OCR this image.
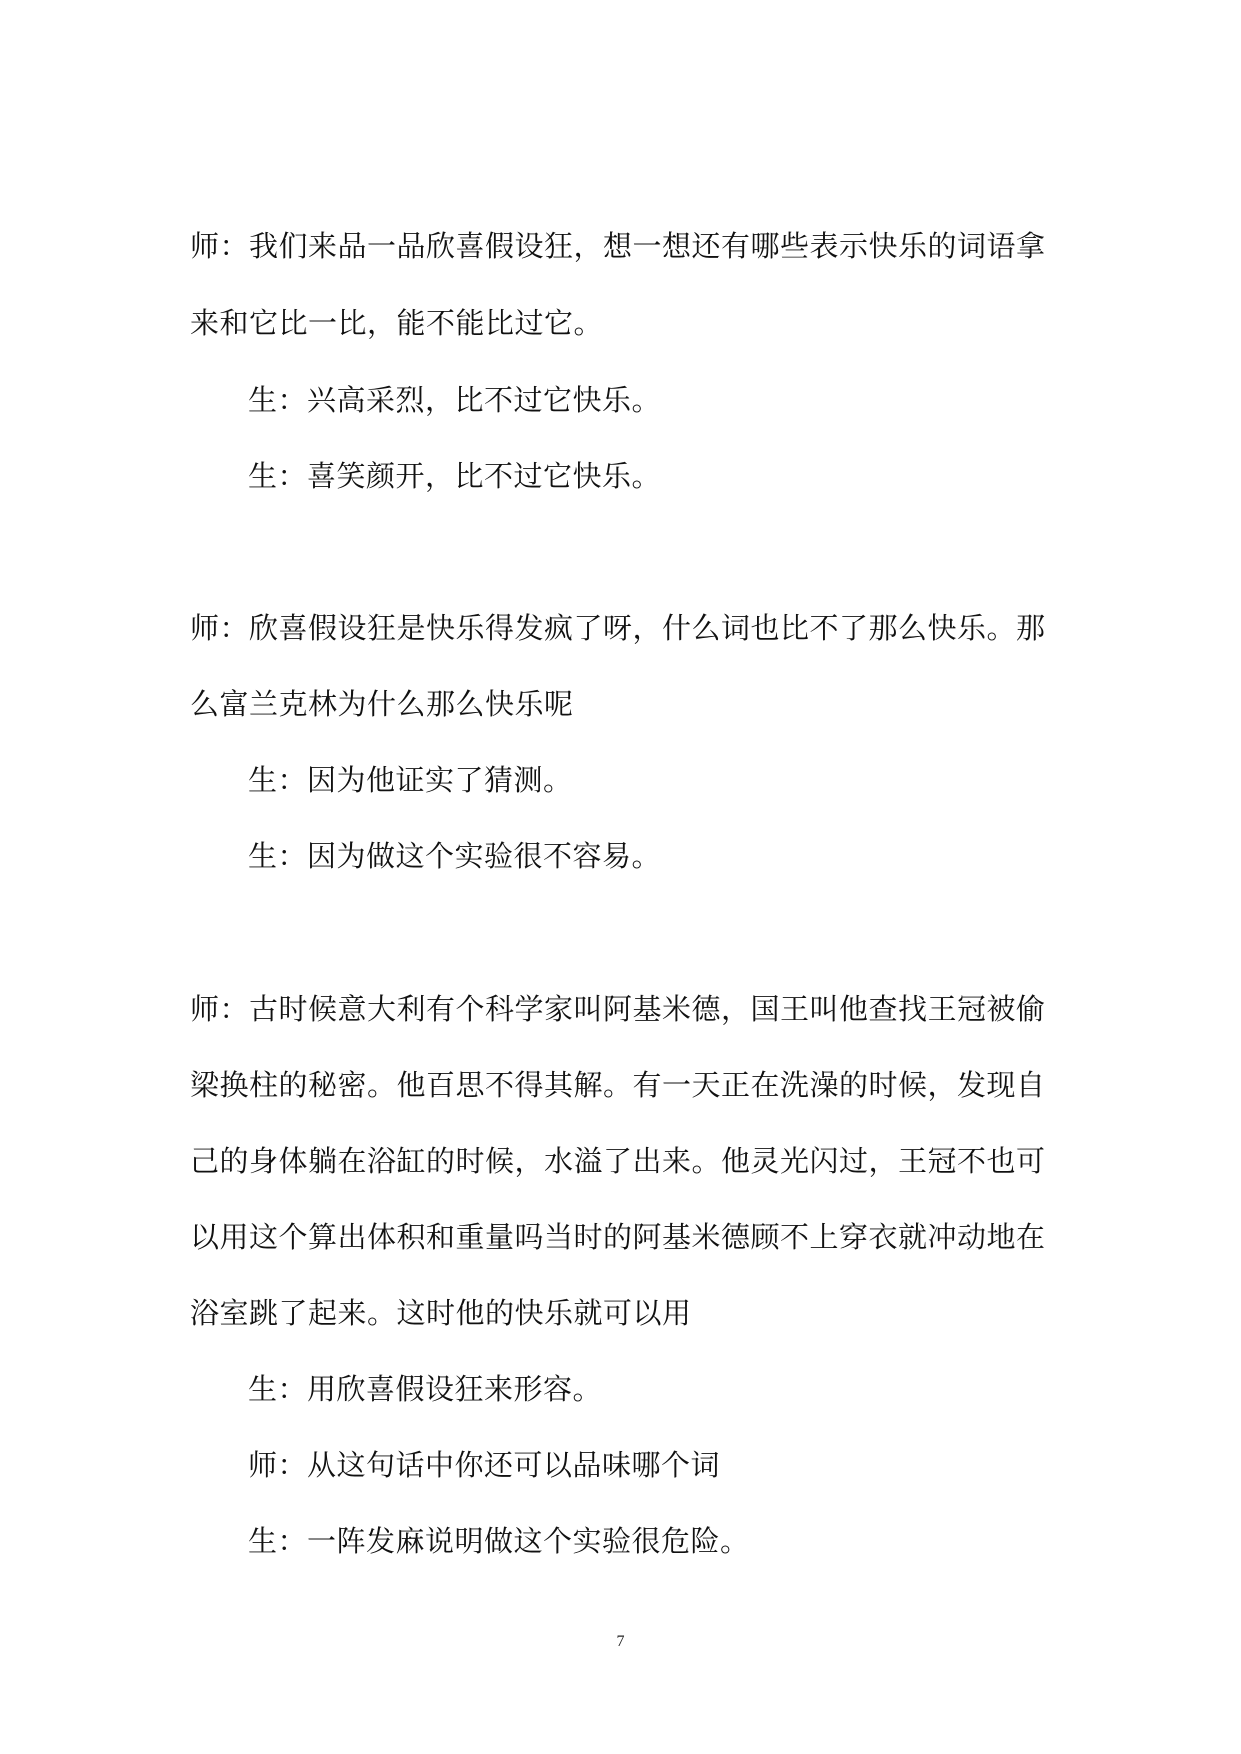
师：我们来品一品欣喜假设狂，想一想还有哪些表示快乐的词语拿

来和它比一比，能不能比过它。

生：兴高采烈，比不过它快乐。

生：喜笑颜开，比不过它快乐。

师：欣喜假设狂是快乐得发疯了呀，什么词也比不了那么快乐。那

么富兰克林为什么那么快乐呢

生：因为他证实了猜测。

生：因为做这个实验很不容易。

师：古时候意大利有个科学家叫阿基米德，国王叫他查找王冠被偷

梁换柱的秘密。他百思不得其解。有一天正在洗澡的时候，发现自

己的身体躺在浴缸的时候，水溢了出来。他灵光闪过，王冠不也可

以用这个算出体积和重量吗当时的阿基米德顾不上穿衣就冲动地在

浴室跳了起来。这时他的快乐就可以用

生：用欣喜假设狂来形容。

师：从这句话中你还可以品味哪个词

生：一阵发麻说明做这个实验很危险。

7
